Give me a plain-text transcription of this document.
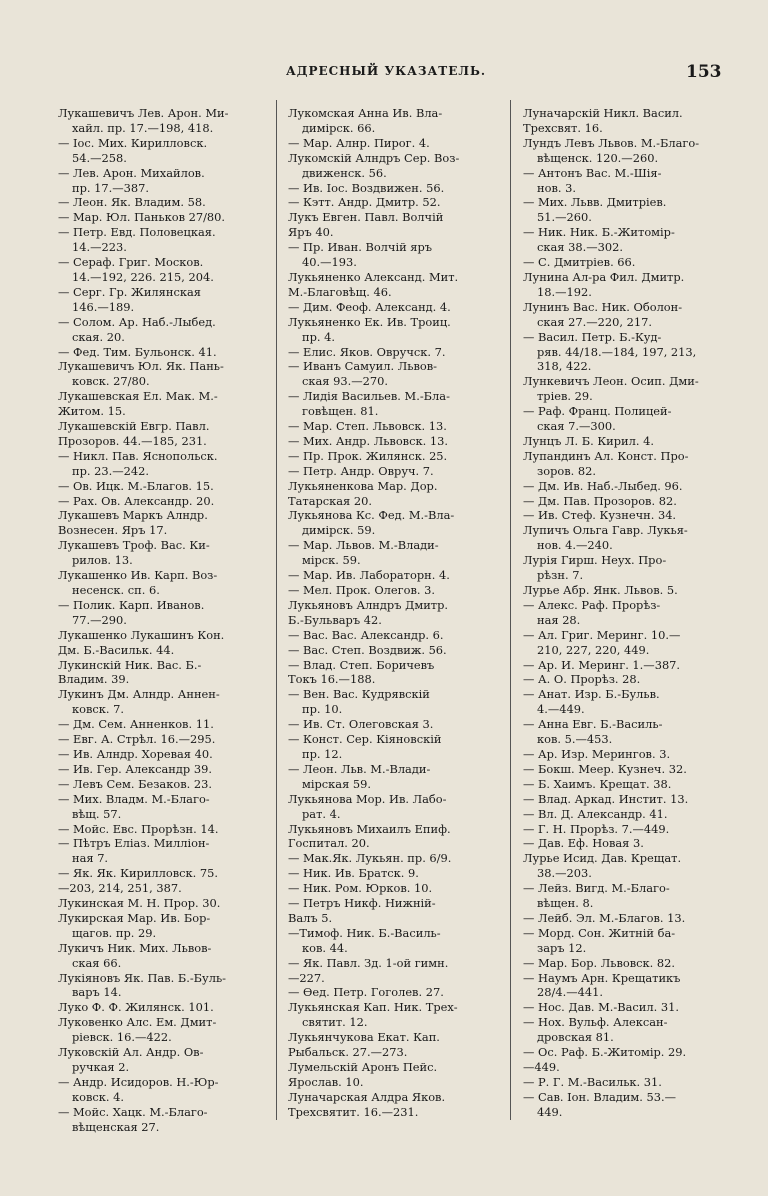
АДРЕСНЫЙ УКАЗАТЕЛЬ.	153
Лукашевичъ Лев. Арон. Ми-
хайл. пр. 17.—198, 418.
— Іос. Мих. Кирилловск.
54.—258.
— Лев. Арон. Михайлов.
пр. 17.—387.
— Леон. Як. Владим. 58.
— Мар. Юл. Паньков 27/80.
— Петр. Евд. Половецкая.
14.—223.
— Сераф. Григ. Москов.
14.—192, 226. 215, 204.
— Серг. Гр. Жилянская
146.—189.
— Солом. Ар. Наб.-Лыбед.
ская. 20.
— Фед. Тим. Бульонск. 41.
Лукашевичъ Юл. Як. Пань-
ковск. 27/80.
Лукашевская Ел. Мак. М.-
Житом. 15.
Лукашевскій Евгр. Павл.
Прозоров. 44.—185, 231.
— Никл. Пав. Яснопольск.
пр. 23.—242.
— Ов. Ицк. М.-Благов. 15.
— Рах. Ов. Александр. 20.
Лукашевъ Маркъ Алндр.
Вознесен. Яръ 17.
Лукашевъ Троф. Вас. Ки-
рилов. 13.
Лукашенко Ив. Карп. Воз-
несенск. сп. 6.
— Полик. Карп. Иванов.
77.—290.
Лукашенко Лукашинъ Кон.
Дм. Б.-Васильк. 44.
Лукинскій Ник. Вас. Б.-
Владим. 39.
Лукинъ Дм. Алндр. Аннен-
ковск. 7.
— Дм. Сем. Анненков. 11.
— Евг. А. Стрѣл. 16.—295.
— Ив. Алндр. Хоревая 40.
— Ив. Гер. Александр 39.
— Левъ Сем. Безаков. 23.
— Мих. Владм. М.-Благо-
вѣщ. 57.
— Мойс. Евс. Прорѣзн. 14.
— Пѣтръ Еліаз. Милліон-
ная 7.
— Як. Як. Кирилловск. 75.
—203, 214, 251, 387.
Лукинская М. Н. Прор. 30.
Лукирская Мар. Ив. Бор-
щагов. пр. 29.
Лукичъ Ник. Мих. Львов-
ская 66.
Лукіяновъ Як. Пав. Б.-Буль-
варъ 14.
Луко Ф. Ф. Жилянск. 101.
Луковенко Алс. Ем. Дмит-
ріевск. 16.—422.
Луковскій Ал. Андр. Ов-
ручкая 2.
— Андр. Исидоров. Н.-Юр-
ковск. 4.
— Мойс. Хацк. М.-Благо-
вѣщенская 27.
Лукомская Анна Ив. Вла-
димірск. 66.
— Мар. Алнр. Пирог. 4.
Лукомскій Алндръ Сер. Воз-
движенск. 56.
— Ив. Іос. Воздвижен. 56.
— Кэтт. Андр. Дмитр. 52.
Лукъ Евген. Павл. Волчій
Яръ 40.
— Пр. Иван. Волчій яръ
40.—193.
Лукьяненко Александ. Мит.
М.-Благовѣщ. 46.
— Дим. Феоф. Александ. 4.
Лукьяненко Ек. Ив. Троиц.
пр. 4.
— Елис. Яков. Овручск. 7.
— Иванъ Самуил. Львов-
ская 93.—270.
— Лидія Васильев. М.-Бла-
говѣщен. 81.
— Мар. Степ. Львовск. 13.
— Мих. Андр. Львовск. 13.
— Пр. Прок. Жилянск. 25.
— Петр. Андр. Овруч. 7.
Лукьяненкова Мар. Дор.
Татарская 20.
Лукьянова Кс. Фед. М.-Вла-
димірск. 59.
— Мар. Львов. М.-Влади-
мірск. 59.
— Мар. Ив. Лабораторн. 4.
— Мел. Прок. Олегов. 3.
Лукьяновъ Алндръ Дмитр.
Б.-Бульваръ 42.
— Вас. Вас. Александр. 6.
— Вас. Степ. Воздвиж. 56.
— Влад. Степ. Боричевъ
Токъ 16.—188.
— Вен. Вас. Кудрявскій
пр. 10.
— Ив. Ст. Олеговская 3.
— Конст. Сер. Кіяновскій
пр. 12.
— Леон. Льв. М.-Влади-
мірская 59.
Лукьянова Мор. Ив. Лабо-
рат. 4.
Лукьяновъ Михаилъ Епиф.
Госпитал. 20.
— Мак.Як. Лукьян. пр. 6/9.
— Ник. Ив. Братск. 9.
— Ник. Ром. Юрков. 10.
— Петръ Никф. Нижній-
Валъ 5.
—Тимоф. Ник. Б.-Василь-
ков. 44.
— Як. Павл. Зд. 1-ой гимн.
—227.
— Өед. Петр. Гоголев. 27.
Лукьянская Кап. Ник. Трех-
святит. 12.
Лукьянчукова Екат. Кап.
Рыбальск. 27.—273.
Лумельскій Аронъ Пейс.
Ярослав. 10.
Луначарская Алдра Яков.
Трехсвятит. 16.—231.
Луначарскій Никл. Васил.
Трехсвят. 16.
Лундъ Левъ Львов. М.-Благо-
вѣщенск. 120.—260.
— Антонъ Вас. М.-Шія-
нов. 3.
— Мих. Львв. Дмитріев.
51.—260.
— Ник. Ник. Б.-Житомір-
ская 38.—302.
— С. Дмитріев. 66.
Лунина Ал-ра Фил. Дмитр.
18.—192.
Лунинъ Вас. Ник. Оболон-
ская 27.—220, 217.
— Васил. Петр. Б.-Куд-
ряв. 44/18.—184, 197, 213,
318, 422.
Лункевичъ Леон. Осип. Дми-
тріев. 29.
— Раф. Франц. Полицей-
ская 7.—300.
Лунцъ Л. Б. Кирил. 4.
Лупандинъ Ал. Конст. Про-
зоров. 82.
— Дм. Ив. Наб.-Лыбед. 96.
— Дм. Пав. Прозоров. 82.
— Ив. Стеф. Кузнечн. 34.
Лупичъ Ольга Гавр. Лукья-
нов. 4.—240.
Лурія Гирш. Неух. Про-
рѣзн. 7.
Лурье Абр. Янк. Львов. 5.
— Алекс. Раф. Прорѣз-
ная 28.
— Ал. Григ. Меринг. 10.—
210, 227, 220, 449.
— Ар. И. Меринг. 1.—387.
— А. О. Прорѣз. 28.
— Анат. Изр. Б.-Бульв.
4.—449.
— Анна Евг. Б.-Василь-
ков. 5.—453.
— Ар. Изр. Мерингов. 3.
— Бокш. Меер. Кузнеч. 32.
— Б. Хаимъ. Крещат. 38.
— Влад. Аркад. Инстит. 13.
— Вл. Д. Александр. 41.
— Г. Н. Прорѣз. 7.—449.
— Дав. Еф. Новая 3.
Лурье Исид. Дав. Крещат.
38.—203.
— Лейз. Вигд. М.-Благо-
вѣщен. 8.
— Лейб. Эл. М.-Благов. 13.
— Морд. Сон. Житній ба-
заръ 12.
— Мар. Бор. Львовск. 82.
— Наумъ Арн. Крещатикъ
28/4.—441.
— Нос. Дав. М.-Васил. 31.
— Нох. Вульф. Алексан-
дровская 81.
— Ос. Раф. Б.-Житомір. 29.
—449.
— Р. Г. М.-Васильк. 31.
— Сав. Іон. Владим. 53.—
449.
